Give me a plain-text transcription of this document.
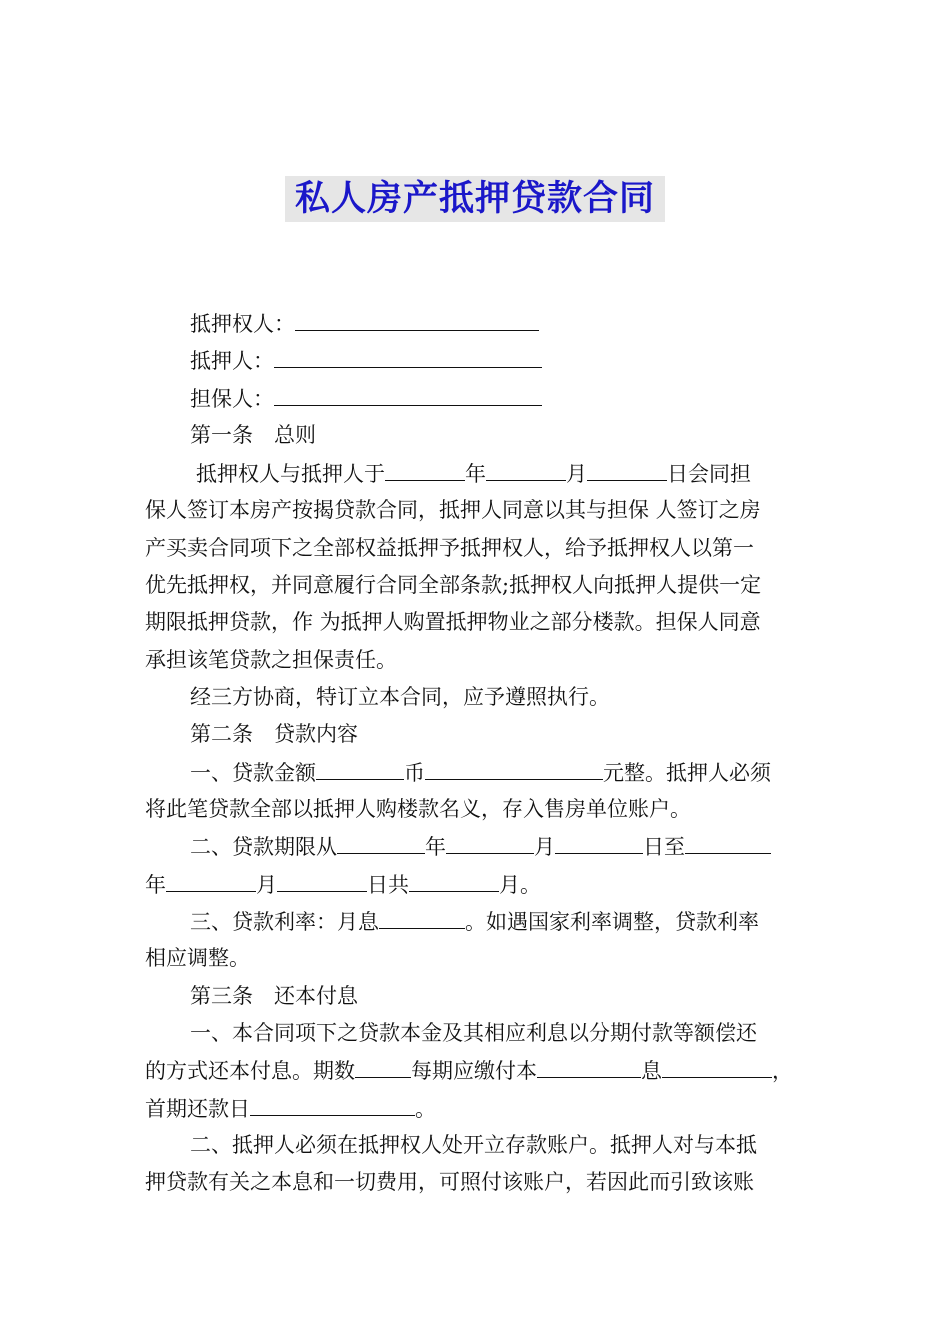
私人房产抵押贷款合同
抵押权人：
抵押人：
担保人：
第一条　总则
抵押权人与抵押人于	年	月	日会同担
保人签订本房产按揭贷款合同，抵押人同意以其与担保 人签订之房
产买卖合同项下之全部权益抵押予抵押权人，给予抵押权人以第一
优先抵押权，并同意履行合同全部条款;抵押权人向抵押人提供一定
期限抵押贷款，作 为抵押人购置抵押物业之部分楼款。担保人同意
承担该笔贷款之担保责任。
经三方协商，特订立本合同，应予遵照执行。
第二条　贷款内容
一、贷款金额	币	元整。抵押人必须
将此笔贷款全部以抵押人购楼款名义，存入售房单位账户。
二、贷款期限从	年	月	日至
年	月	日共	月。
三、贷款利率：月息	。如遇国家利率调整，贷款利率
相应调整。
第三条　还本付息
一、本合同项下之贷款本金及其相应利息以分期付款等额偿还
的方式还本付息。期数	每期应缴付本	息	，
首期还款日	。
二、抵押人必须在抵押权人处开立存款账户。抵押人对与本抵
押贷款有关之本息和一切费用，可照付该账户，若因此而引致该账
